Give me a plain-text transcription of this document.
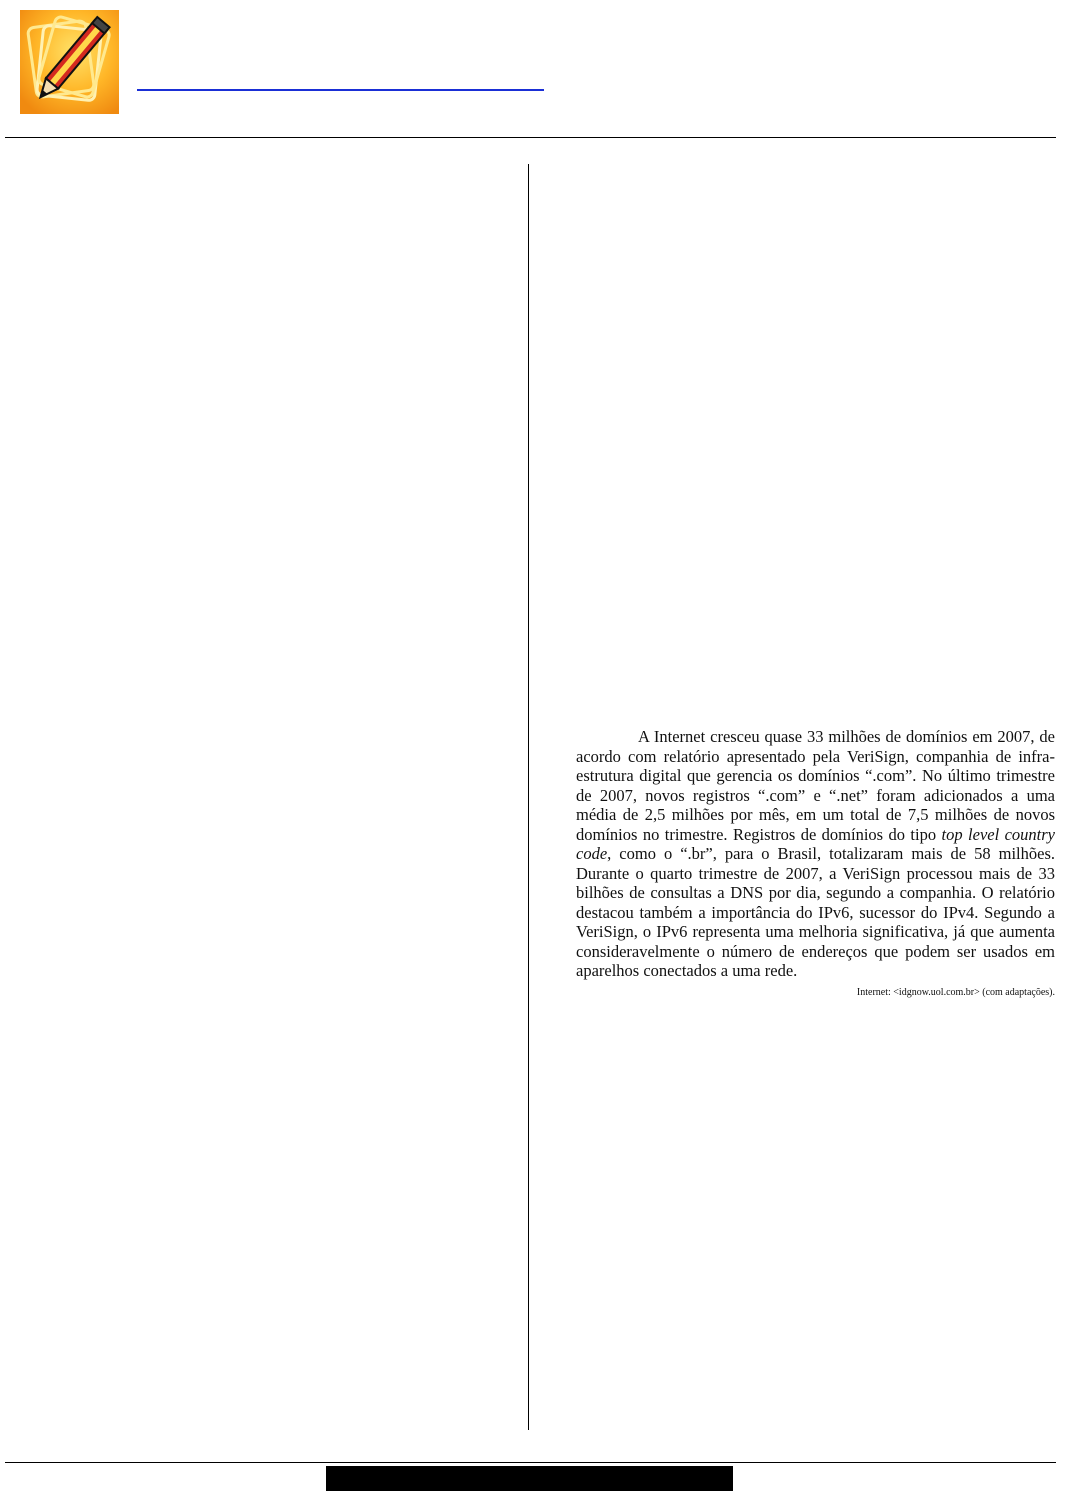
A Internet cresceu quase 33 milhões de domínios em 2007, de acordo com relatório apresentado pela VeriSign, companhia de infra-estrutura digital que gerencia os domínios “.com”. No último trimestre de 2007, novos registros “.com” e “.net” foram adicionados a uma média de 2,5 milhões por mês, em um total de 7,5 milhões de novos domínios no trimestre. Registros de domínios do tipo top level country code, como o “.br”, para o Brasil, totalizaram mais de 58 milhões. Durante o quarto trimestre de 2007, a VeriSign processou mais de 33 bilhões de consultas a DNS por dia, segundo a companhia. O relatório destacou também a importância do IPv6, sucessor do IPv4. Segundo a VeriSign, o IPv6 representa uma melhoria significativa, já que aumenta consideravelmente o número de endereços que podem ser usados em aparelhos conectados a uma rede.

Internet: <idgnow.uol.com.br> (com adaptações).
